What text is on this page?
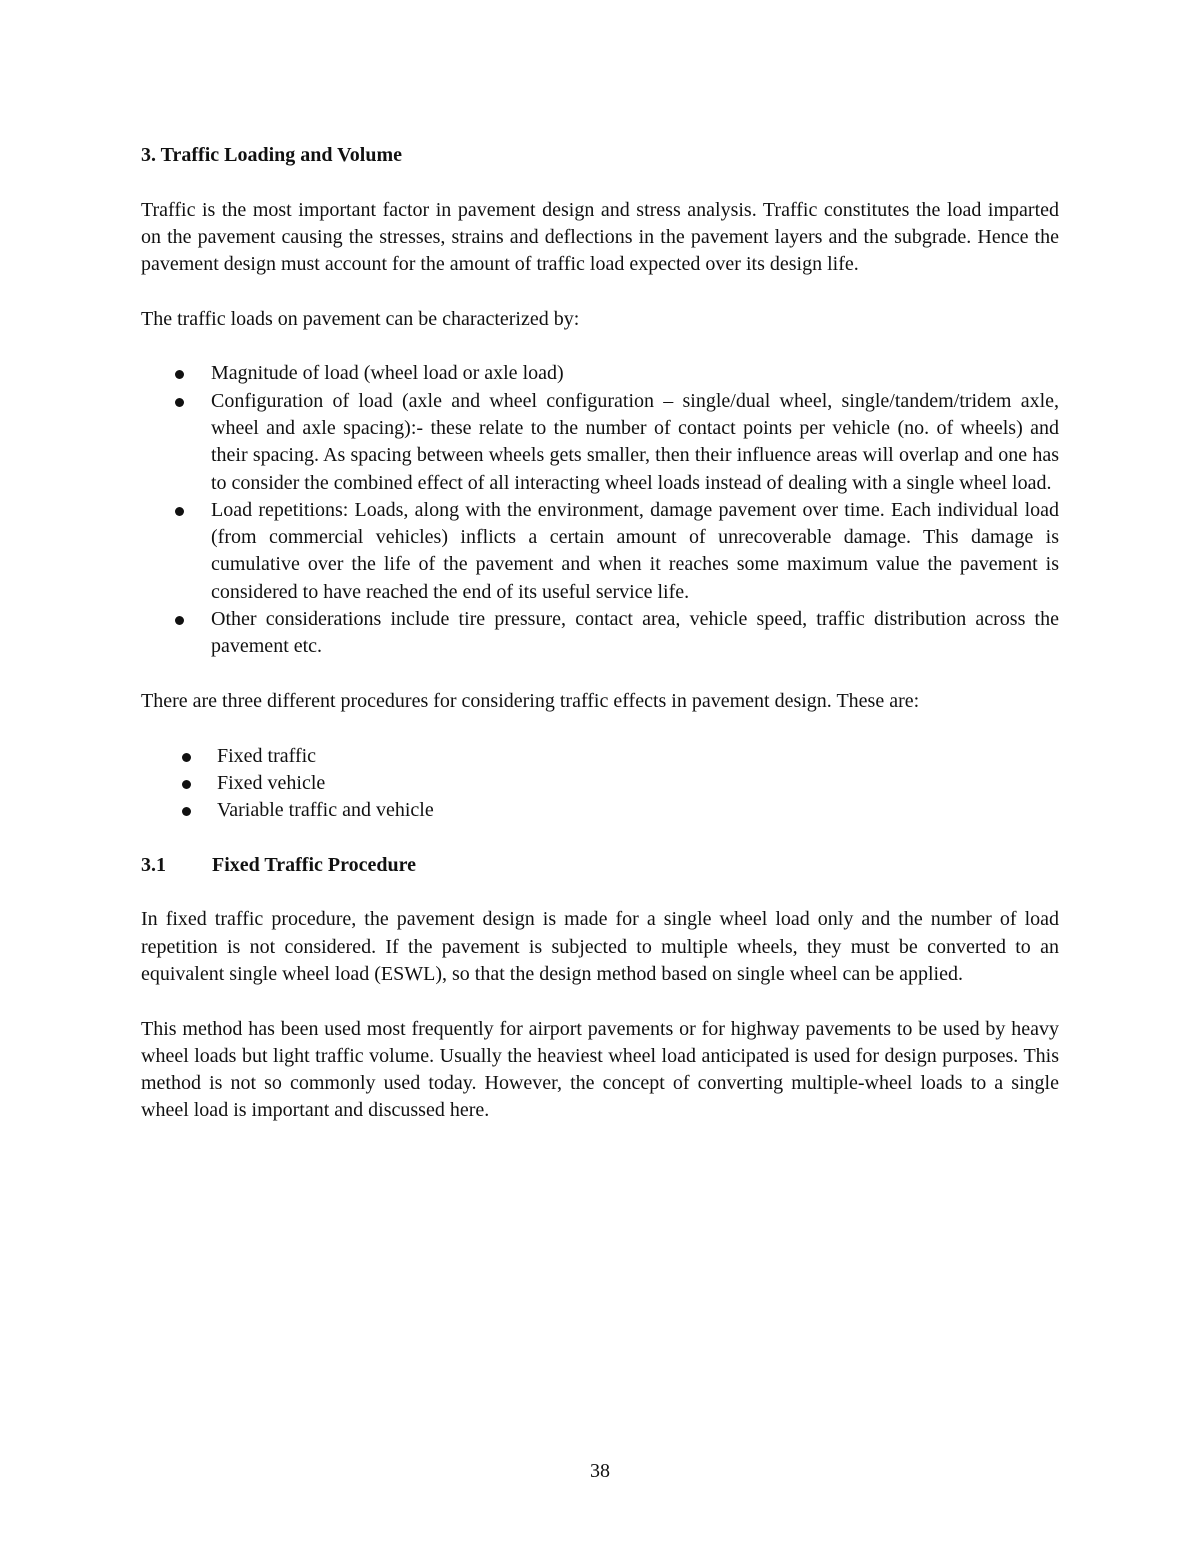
3. Traffic Loading and Volume

Traffic is the most important factor in pavement design and stress analysis. Traffic constitutes the load imparted on the pavement causing the stresses, strains and deflections in the pavement layers and the subgrade. Hence the pavement design must account for the amount of traffic load expected over its design life.

The traffic loads on pavement can be characterized by:

Magnitude of load (wheel load or axle load)
Configuration of load (axle and wheel configuration – single/dual wheel, single/tandem/tridem axle, wheel and axle spacing):- these relate to the number of contact points per vehicle (no. of wheels) and their spacing. As spacing between wheels gets smaller, then their influence areas will overlap and one has to consider the combined effect of all interacting wheel loads instead of dealing with a single wheel load.
Load repetitions: Loads, along with the environment, damage pavement over time. Each individual load (from commercial vehicles) inflicts a certain amount of unrecoverable damage. This damage is cumulative over the life of the pavement and when it reaches some maximum value the pavement is considered to have reached the end of its useful service life.
Other considerations include tire pressure, contact area, vehicle speed, traffic distribution across the pavement etc.

There are three different procedures for considering traffic effects in pavement design. These are:

Fixed traffic
Fixed vehicle
Variable traffic and vehicle
3.1 Fixed Traffic Procedure

In fixed traffic procedure, the pavement design is made for a single wheel load only and the number of load repetition is not considered. If the pavement is subjected to multiple wheels, they must be converted to an equivalent single wheel load (ESWL), so that the design method based on single wheel can be applied.

This method has been used most frequently for airport pavements or for highway pavements to be used by heavy wheel loads but light traffic volume. Usually the heaviest wheel load anticipated is used for design purposes. This method is not so commonly used today. However, the concept of converting multiple-wheel loads to a single wheel load is important and discussed here.

38
